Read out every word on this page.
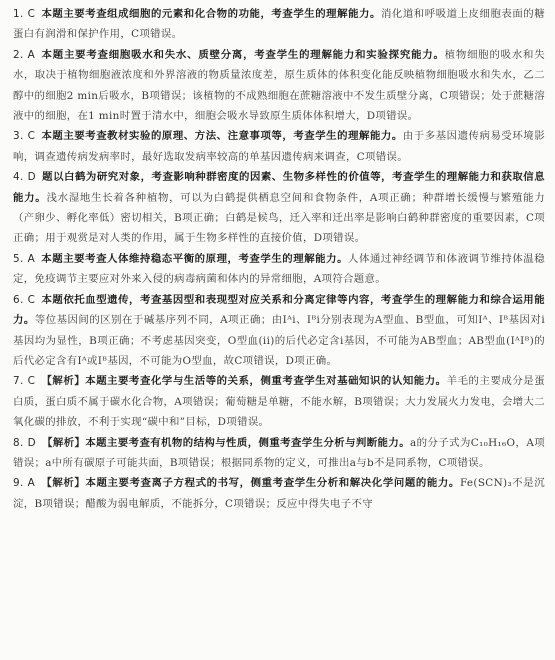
1. C 本题主要考查组成细胞的元素和化合物的功能，考查学生的理解能力。消化道和呼吸道上皮细胞表面的糖蛋白有润滑和保护作用，C项错误。

2. A 本题主要考查细胞吸水和失水、质壁分离，考查学生的理解能力和实验探究能力。植物细胞的吸水和失水，取决于植物细胞液浓度和外界溶液的物质量浓度差，原生质体的体积变化能反映植物细胞吸水和失水，乙二醇中的细胞2 min后吸水，B项错误；该植物的不成熟细胞在蔗糖溶液中不发生质壁分离，C项错误；处于蔗糖溶液中的细胞，在1 min时置于清水中，细胞会吸水导致原生质体体积增大，D项错误。

3. C 本题主要考查教材实验的原理、方法、注意事项等，考查学生的理解能力。由于多基因遗传病易受环境影响，调查遗传病发病率时，最好选取发病率较高的单基因遗传病来调查，C项错误。

4. D 题以白鹤为研究对象，考查影响种群密度的因素、生物多样性的价值等，考查学生的理解能力和获取信息能力。浅水湿地生长着各种植物，可以为白鹤提供栖息空间和食物条件，A项正确；种群增长缓慢与繁殖能力（产卵少、孵化率低）密切相关，B项正确；白鹤是候鸟，迁入率和迁出率是影响白鹤种群密度的重要因素，C项正确；用于观赏是对人类的作用，属于生物多样性的直接价值，D项错误。

5. A 本题主要考查人体维持稳态平衡的原理，考查学生的理解能力。人体通过神经调节和体液调节维持体温稳定，免疫调节主要应对外来入侵的病毒病菌和体内的异常细胞，A项符合题意。

6. C 本题依托血型遗传，考查基因型和表现型对应关系和分离定律等内容，考查学生的理解能力和综合运用能力。等位基因间的区别在于碱基序列不同，A项正确；由Iᴬi、Iᴮi分别表现为A型血、B型血，可知Iᴬ、Iᴮ基因对i基因均为显性，B项正确；不考虑基因突变，O型血(ii)的后代必定含i基因，不可能为AB型血；AB型血(IᴬIᴮ)的后代必定含有Iᴬ或Iᴮ基因，不可能为O型血，故C项错误，D项正确。

7. C 【解析】本题主要考查化学与生活等的关系，侧重考查学生对基础知识的认知能力。羊毛的主要成分是蛋白质，蛋白质不属于碳水化合物，A项错误；葡萄糖是单糖，不能水解，B项错误；大力发展火力发电，会增大二氧化碳的排放，不利于实现“碳中和”目标，D项错误。

8. D 【解析】本题主要考查有机物的结构与性质，侧重考查学生分析与判断能力。a的分子式为C₁₀H₁₆O，A项错误；a中所有碳原子可能共面，B项错误；根据同系物的定义，可推出a与b不是同系物，C项错误。

9. A 【解析】本题主要考查离子方程式的书写，侧重考查学生分析和解决化学问题的能力。Fe(SCN)₃不是沉淀，B项错误；醋酸为弱电解质，不能拆分，C项错误；反应中得失电子不守
